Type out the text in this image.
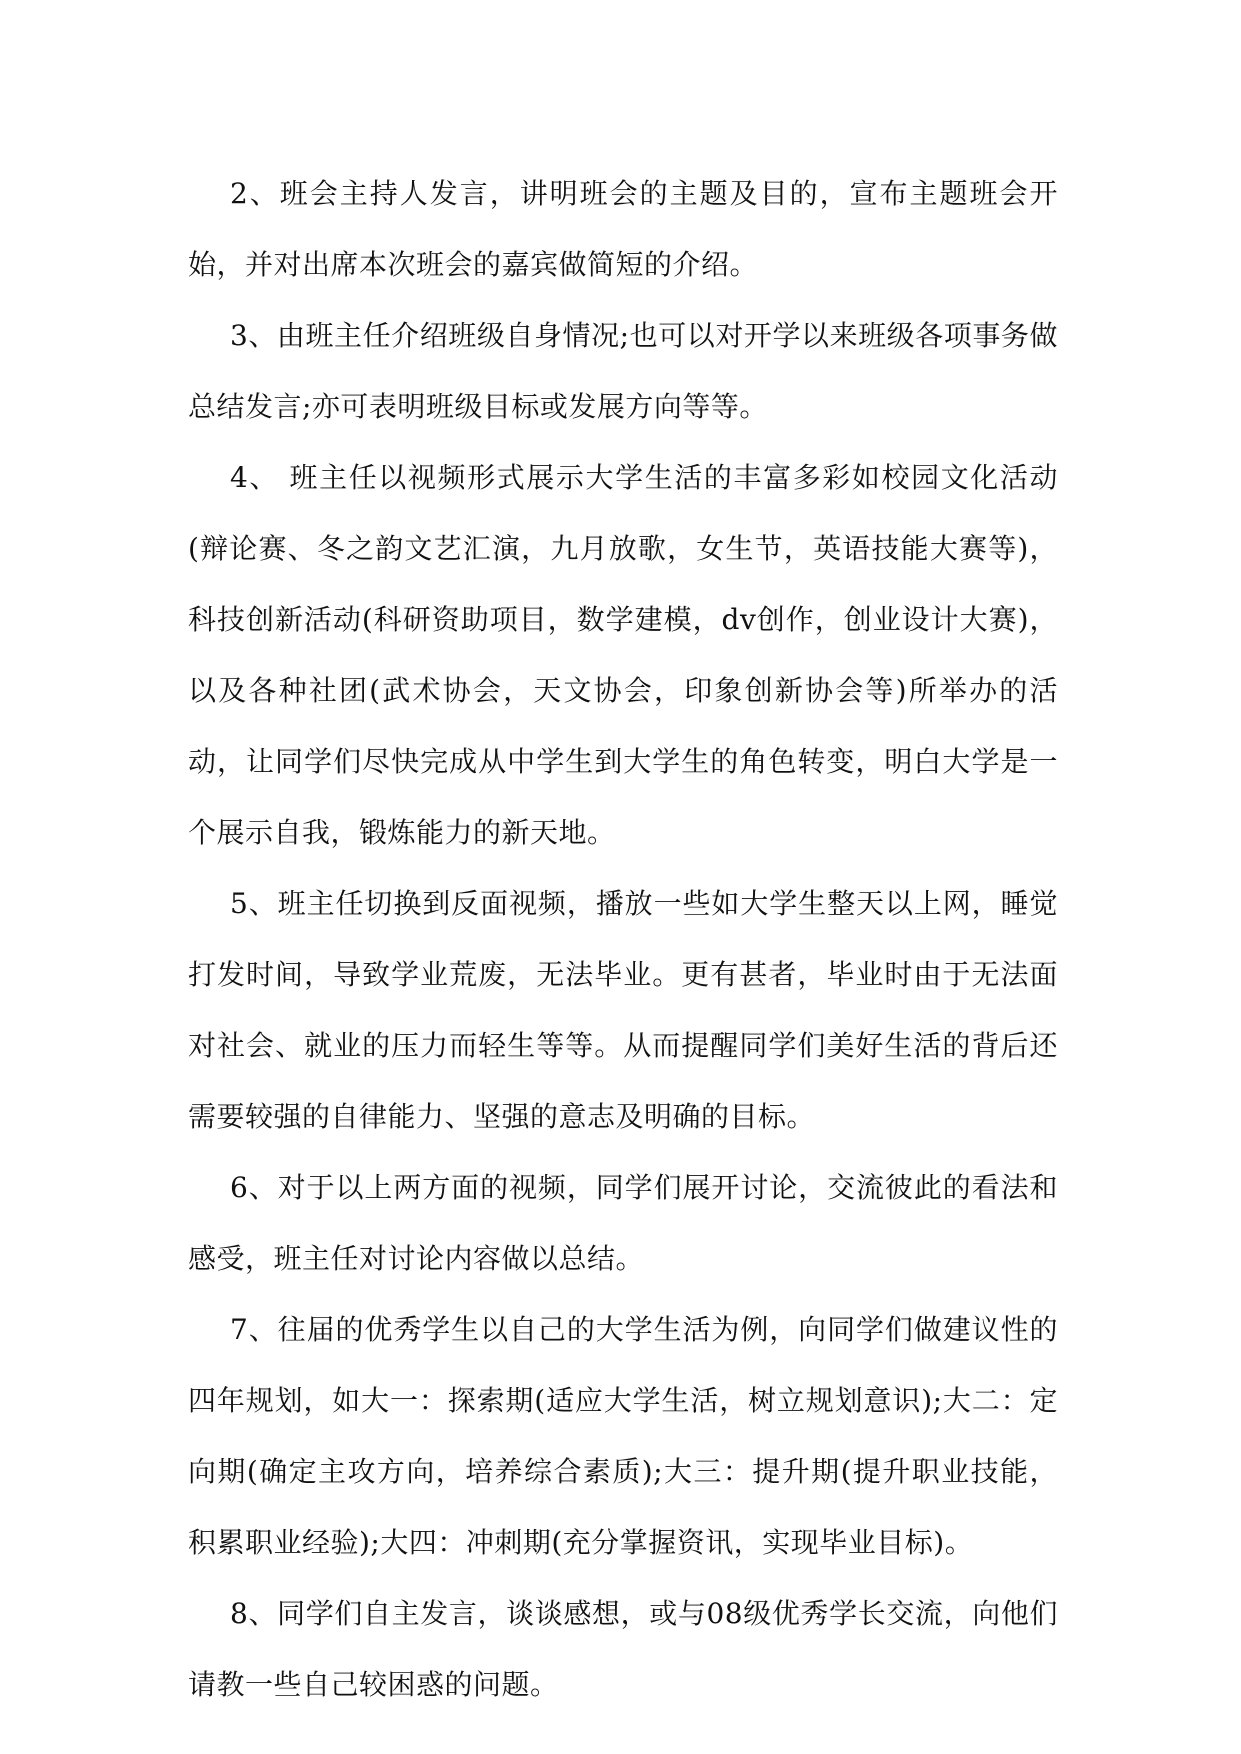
2、班会主持人发言，讲明班会的主题及目的，宣布主题班会开始，并对出席本次班会的嘉宾做简短的介绍。

3、由班主任介绍班级自身情况;也可以对开学以来班级各项事务做总结发言;亦可表明班级目标或发展方向等等。

4、 班主任以视频形式展示大学生活的丰富多彩如校园文化活动(辩论赛、冬之韵文艺汇演，九月放歌，女生节，英语技能大赛等)，科技创新活动(科研资助项目，数学建模，dv创作，创业设计大赛)，以及各种社团(武术协会，天文协会，印象创新协会等)所举办的活动，让同学们尽快完成从中学生到大学生的角色转变，明白大学是一个展示自我，锻炼能力的新天地。

5、班主任切换到反面视频，播放一些如大学生整天以上网，睡觉打发时间，导致学业荒废，无法毕业。更有甚者，毕业时由于无法面对社会、就业的压力而轻生等等。从而提醒同学们美好生活的背后还需要较强的自律能力、坚强的意志及明确的目标。

6、对于以上两方面的视频，同学们展开讨论，交流彼此的看法和感受，班主任对讨论内容做以总结。

7、往届的优秀学生以自己的大学生活为例，向同学们做建议性的四年规划，如大一：探索期(适应大学生活，树立规划意识);大二：定向期(确定主攻方向，培养综合素质);大三：提升期(提升职业技能，积累职业经验);大四：冲刺期(充分掌握资讯，实现毕业目标)。

8、同学们自主发言，谈谈感想，或与08级优秀学长交流，向他们请教一些自己较困惑的问题。
